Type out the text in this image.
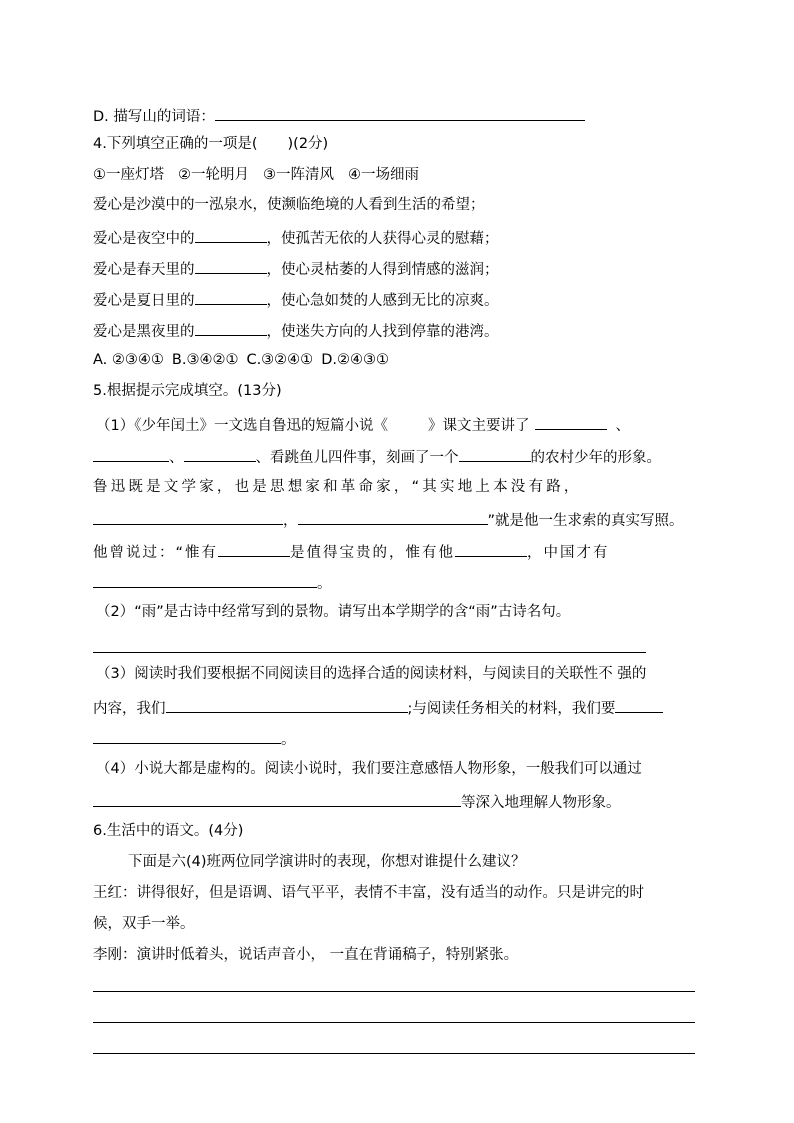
D. 描写山的词语：
4.下列填空正确的一项是( )(2分)
①一座灯塔 ②一轮明月 ③一阵清风 ④一场细雨
爱心是沙漠中的一泓泉水，使濒临绝境的人看到生活的希望；
爱心是夜空中的	，使孤苦无依的人获得心灵的慰藉；
爱心是春天里的	，使心灵枯萎的人得到情感的滋润；
爱心是夏日里的	，使心急如焚的人感到无比的凉爽。
爱心是黑夜里的	，使迷失方向的人找到停靠的港湾。
A. ②③④① B.③④②① C.③②④① D.②④③①
5.根据提示完成填空。(13分)
（1）《少年闰土》一文选自鲁迅的短篇小说《	》课文主要讲了	、
、	、看跳鱼儿四件事，刻画了一个	的农村少年的形象。
鲁迅既是文学家，也是思想家和革命家，“其实地上本没有路，
，	”就是他一生求索的真实写照。
他曾说过：“惟有	是值得宝贵的，惟有他	，中国才有
。
（2）“雨”是古诗中经常写到的景物。请写出本学期学的含“雨”古诗名句。
（3）阅读时我们要根据不同阅读目的选择合适的阅读材料，与阅读目的关联性不 强的
内容，我们	;与阅读任务相关的材料，我们要
。
（4）小说大都是虚构的。阅读小说时，我们要注意感悟人物形象，一般我们可以通过
等深入地理解人物形象。
6.生活中的语文。(4分)
下面是六(4)班两位同学演讲时的表现，你想对谁提什么建议？
王红：讲得很好，但是语调、语气平平，表情不丰富，没有适当的动作。只是讲完的时
候，双手一举。
李刚：演讲时低着头，说话声音小， 一直在背诵稿子，特别紧张。
